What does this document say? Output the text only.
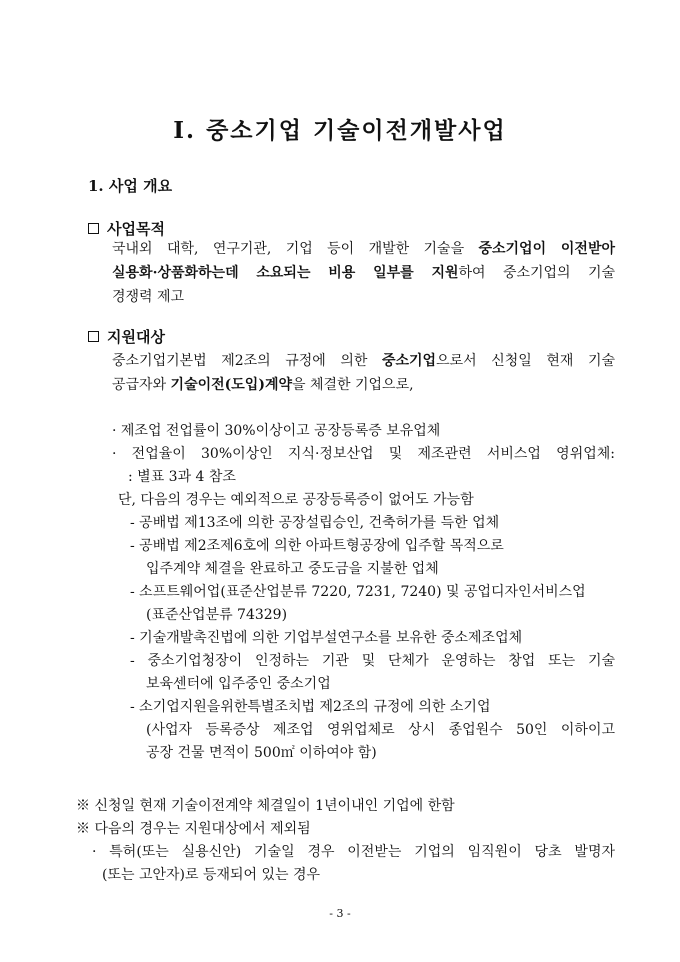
Ⅰ. 중소기업 기술이전개발사업
1. 사업 개요
사업목적
국내외 대학, 연구기관, 기업 등이 개발한 기술을 중소기업이 이전받아
실용화·상품화하는데 소요되는 비용 일부를 지원하여 중소기업의 기술
경쟁력 제고
지원대상
중소기업기본법 제2조의 규정에 의한 중소기업으로서 신청일 현재 기술
공급자와 기술이전(도입)계약을 체결한 기업으로,
· 제조업 전업률이 30%이상이고 공장등록증 보유업체
· 전업율이 30%이상인 지식·정보산업 및 제조관련 서비스업 영위업체:
: 별표 3과 4 참조
단, 다음의 경우는 예외적으로 공장등록증이 없어도 가능함
- 공배법 제13조에 의한 공장설립승인, 건축허가를 득한 업체
- 공배법 제2조제6호에 의한 아파트형공장에 입주할 목적으로
입주계약 체결을 완료하고 중도금을 지불한 업체
- 소프트웨어업(표준산업분류 7220, 7231, 7240) 및 공업디자인서비스업
(표준산업분류 74329)
- 기술개발촉진법에 의한 기업부설연구소를 보유한 중소제조업체
- 중소기업청장이 인정하는 기관 및 단체가 운영하는 창업 또는 기술
보육센터에 입주중인 중소기업
- 소기업지원을위한특별조치법 제2조의 규정에 의한 소기업
(사업자 등록증상 제조업 영위업체로 상시 종업원수 50인 이하이고
공장 건물 면적이 500㎡ 이하여야 함)
※ 신청일 현재 기술이전계약 체결일이 1년이내인 기업에 한함
※ 다음의 경우는 지원대상에서 제외됨
· 특허(또는 실용신안) 기술일 경우 이전받는 기업의 임직원이 당초 발명자
(또는 고안자)로 등재되어 있는 경우
- 3 -
